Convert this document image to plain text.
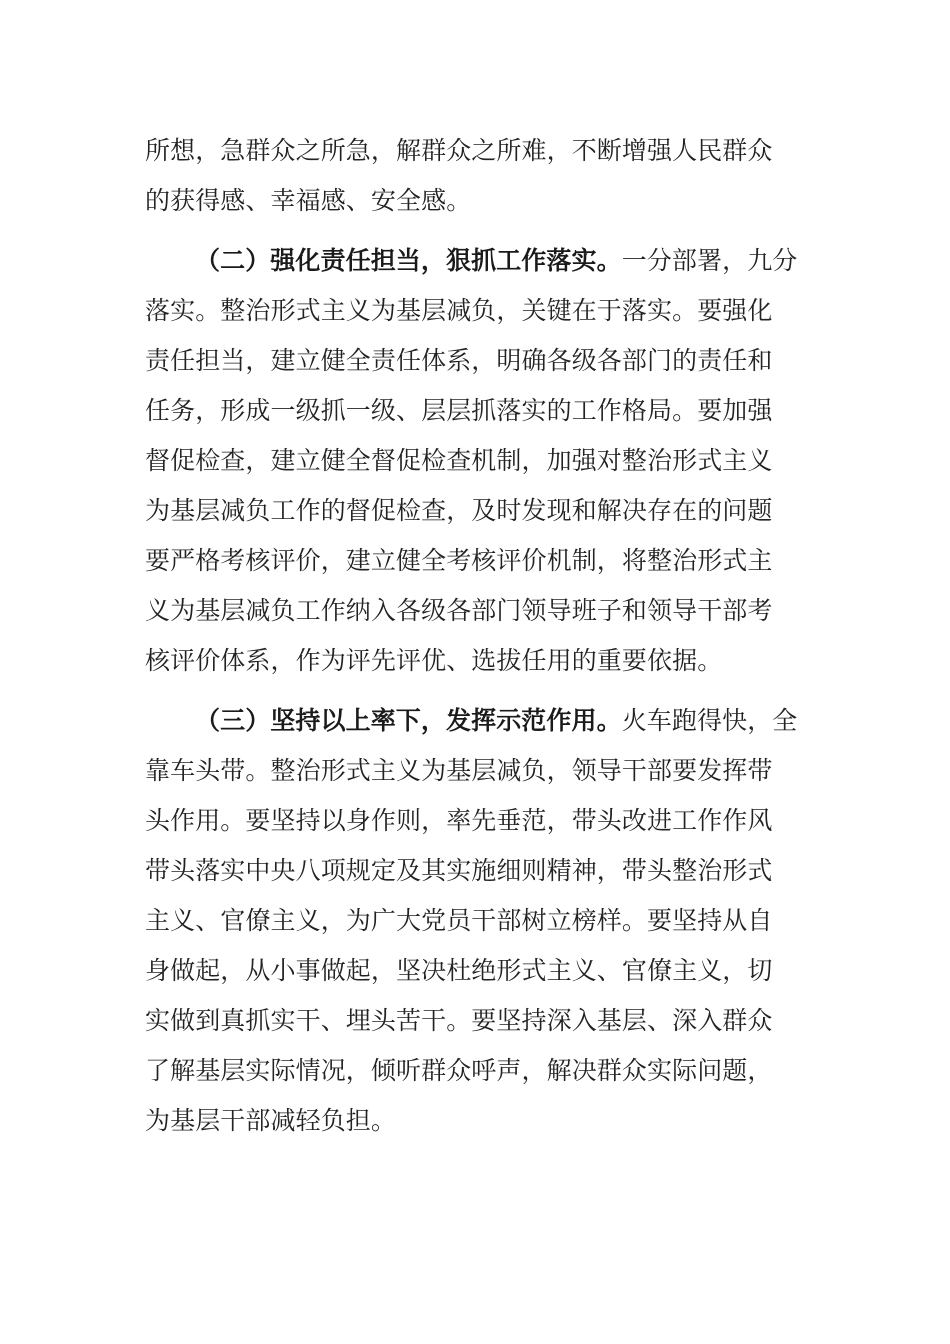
所想，急群众之所急，解群众之所难，不断增强人民群众
的获得感、幸福感、安全感。
（二）强化责任担当，狠抓工作落实。一分部署，九分
落实。整治形式主义为基层减负，关键在于落实。要强化
责任担当，建立健全责任体系，明确各级各部门的责任和
任务，形成一级抓一级、层层抓落实的工作格局。要加强
督促检查，建立健全督促检查机制，加强对整治形式主义
为基层减负工作的督促检查，及时发现和解决存在的问题
要严格考核评价，建立健全考核评价机制，将整治形式主
义为基层减负工作纳入各级各部门领导班子和领导干部考
核评价体系，作为评先评优、选拔任用的重要依据。
（三）坚持以上率下，发挥示范作用。火车跑得快，全
靠车头带。整治形式主义为基层减负，领导干部要发挥带
头作用。要坚持以身作则，率先垂范，带头改进工作作风
带头落实中央八项规定及其实施细则精神，带头整治形式
主义、官僚主义，为广大党员干部树立榜样。要坚持从自
身做起，从小事做起，坚决杜绝形式主义、官僚主义，切
实做到真抓实干、埋头苦干。要坚持深入基层、深入群众
了解基层实际情况，倾听群众呼声，解决群众实际问题，
为基层干部减轻负担。
